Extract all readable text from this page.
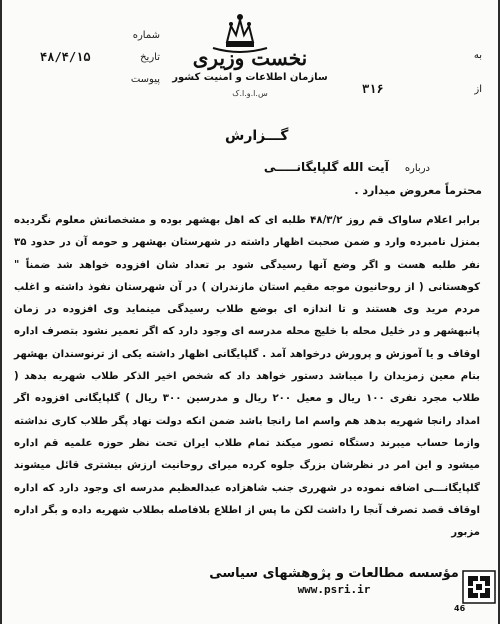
شماره
تاریخ
۴۸/۴/۱۵
پیوست
نخست وزیری
سازمان اطلاعات و امنیت کشور
س.ا.و.ا.ک
به
از
۳۱۶
گـــزارش
درباره
آیت الله گلپایگانـــــی
محترماً معروض میدارد .

برابر اعلام ساواک قم روز ۴۸/۳/۲ طلبه ای که اهل بهشهر بوده و مشخصاتش معلوم نگردیده بمنزل نامبرده وارد و ضمن صحبت اظهار داشته در شهرستان بهشهر و حومه آن در حدود ۳۵ نفر طلبه هست و اگر وضع آنها رسیدگی شود بر تعداد شان افزوده خواهد شد ضمناً " کوهستانی ( از روحانیون موجه مقیم استان مازندران ) در آن شهرستان نفوذ داشته و اغلب مردم مرید وی هستند و تا اندازه ای بوضع طلاب رسیدگی مینماید وی افزوده در زمان پانبهشهر و در خلیل محله با خلیج محله مدرسه ای وجود دارد که اگر تعمیر نشود بتصرف اداره اوقاف و یا آموزش و پرورش درخواهد آمد . گلپایگانی اظهار داشته یکی از ترنوسندان بهشهر بنام معین زمزیدان را میباشد دستور خواهد داد که شخص اخیر الذکر طلاب شهریه بدهد ( طلاب مجرد نفری ۱۰۰ ریال و معیل ۲۰۰ ریال و مدرسین ۳۰۰ ریال ) گلپایگانی افزوده اگر امداد رانجا شهریه بدهد هم واسم اما رانجا باشد ضمن انکه دولت نهاد پگر طلاب کاری نداشته وازما حساب میبرند دستگاه تصور میکند تمام طلاب ایران تحت نظر حوزه علمیه قم اداره میشود و این امر در نظرشان بزرگ جلوه کرده میرای روحانیت ارزش بیشتری قائل میشوند گلپایگانـــی اضافه نموده در شهرری جنب شاهزاده عبدالعظیم مدرسه ای وجود دارد که اداره اوقاف قصد تصرف آنجا را داشت لکن ما پس از اطلاع بلافاصله بطلاب شهریه داده و بگر اداره مزبور

مؤسسه مطالعات و پژوهشهای سیاسی
www.psri.ir
46
